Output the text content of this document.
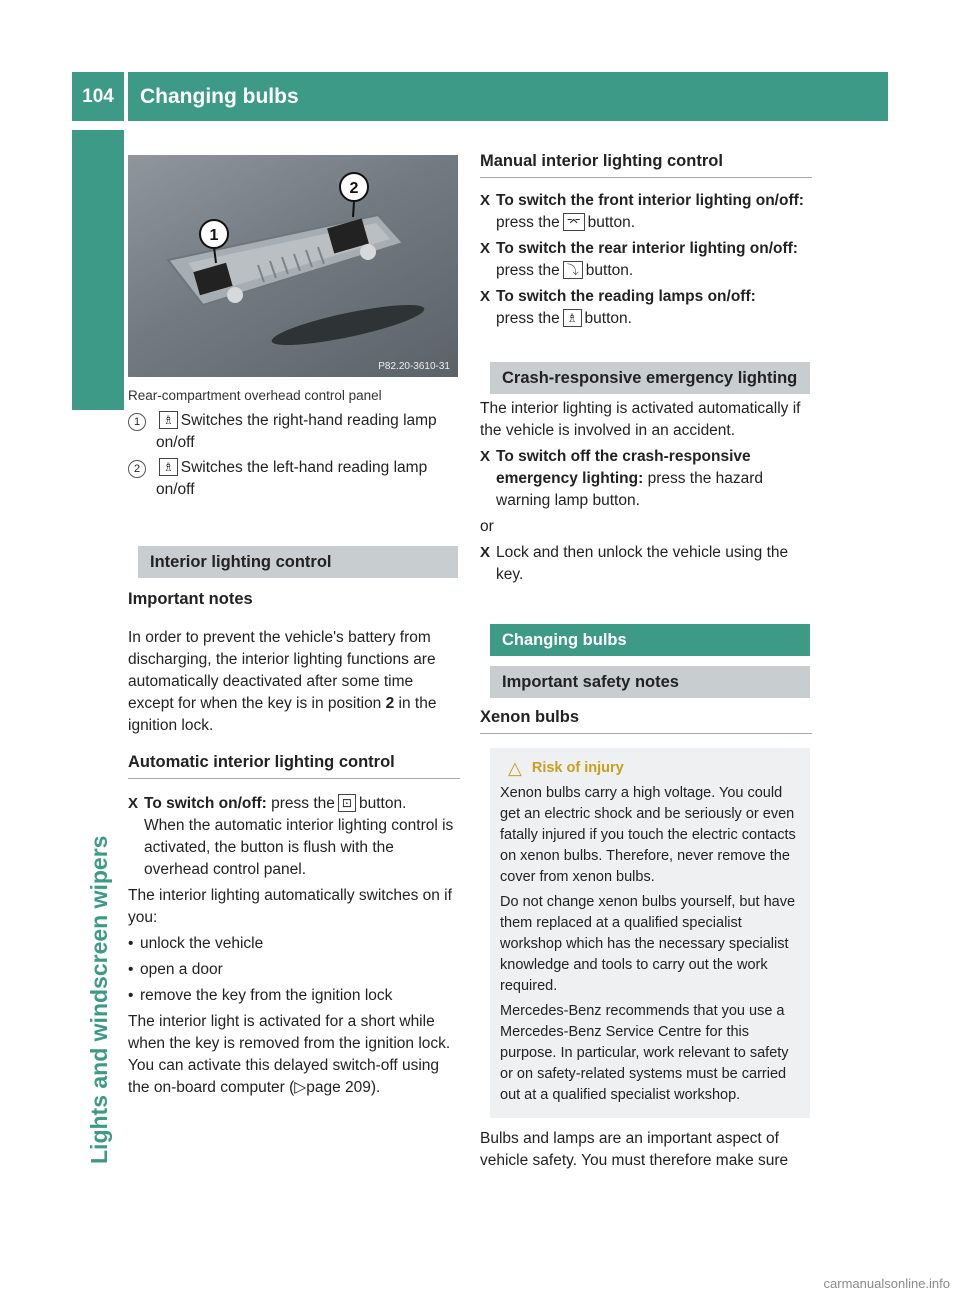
104	Changing bulbs
Lights and windscreen wipers
1
2
P82.20-3610-31
Rear-compartment overhead control panel
1	♗ Switches the right-hand reading lamp on/off
2	♗ Switches the left-hand reading lamp on/off
Interior lighting control
Important notes

In order to prevent the vehicle's battery from discharging, the interior lighting functions are automatically deactivated after some time except for when the key is in position 2 in the ignition lock.

Automatic interior lighting control
X To switch on/off: press the ⊡ button.
When the automatic interior lighting control is activated, the button is flush with the overhead control panel.

The interior lighting automatically switches on if you:

• unlock the vehicle
• open a door
• remove the key from the ignition lock

The interior light is activated for a short while when the key is removed from the ignition lock. You can activate this delayed switch-off using the on-board computer (▷page 209).

Manual interior lighting control
X To switch the front interior lighting on/off: press the ⌤ button.
X To switch the rear interior lighting on/off: press the ⤵ button.
X To switch the reading lamps on/off:
press the ♗ button.
Crash-responsive emergency lighting

The interior lighting is activated automatically if the vehicle is involved in an accident.

X To switch off the crash-responsive emergency lighting: press the hazard warning lamp button.

or

X Lock and then unlock the vehicle using the key.
Changing bulbs
Important safety notes
Xenon bulbs
△ Risk of injury
Xenon bulbs carry a high voltage. You could get an electric shock and be seriously or even fatally injured if you touch the electric contacts on xenon bulbs. Therefore, never remove the cover from xenon bulbs.
Do not change xenon bulbs yourself, but have them replaced at a qualified specialist workshop which has the necessary specialist knowledge and tools to carry out the work required.
Mercedes-Benz recommends that you use a Mercedes-Benz Service Centre for this purpose. In particular, work relevant to safety or on safety-related systems must be carried out at a qualified specialist workshop.

Bulbs and lamps are an important aspect of vehicle safety. You must therefore make sure

carmanualsonline.info
